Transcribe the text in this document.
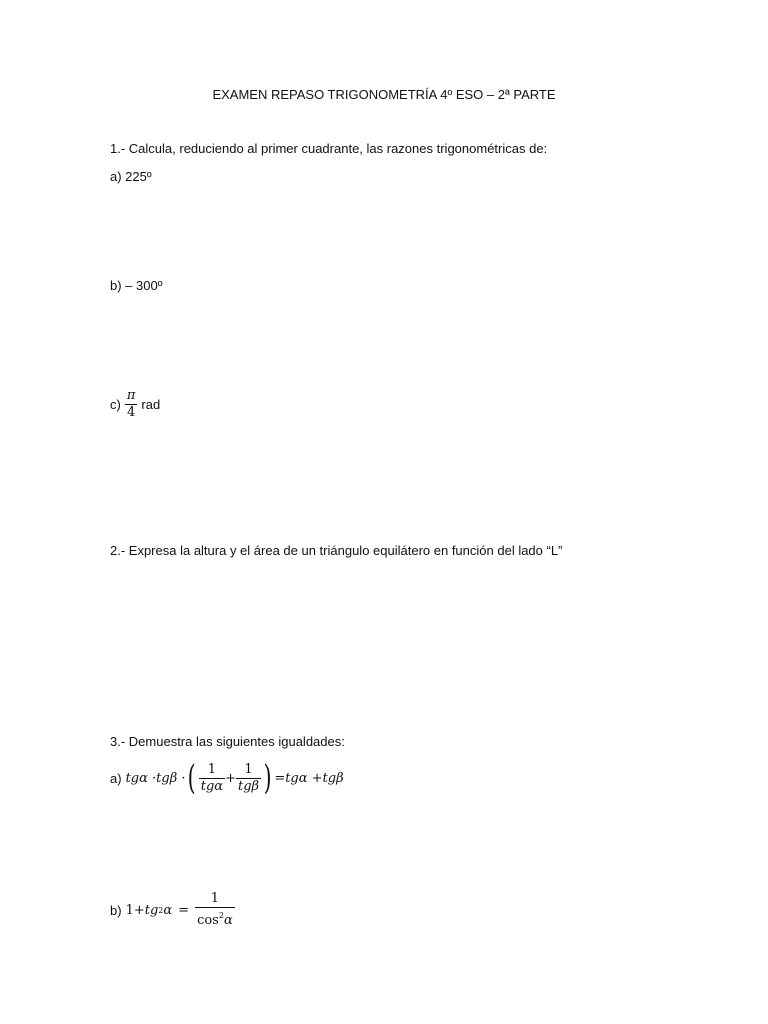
EXAMEN REPASO TRIGONOMETRÍA 4º ESO – 2ª PARTE
1.- Calcula, reduciendo al primer cuadrante, las razones trigonométricas de:
a) 225º
b) – 300º
$c) \frac{\pi}{4}$ rad
2.- Expresa la altura y el área de un triángulo equilátero en función del lado “L”
3.- Demuestra las siguientes igualdades:
a) tgα ·tgβ · ( $\frac{1}{\text{tgα}} + \frac{1}{\text{tgβ}}$ ) =tgα +tgβ
b) 1+ tg 2 $\alpha = \frac{1}{\cos^2\alpha}$
